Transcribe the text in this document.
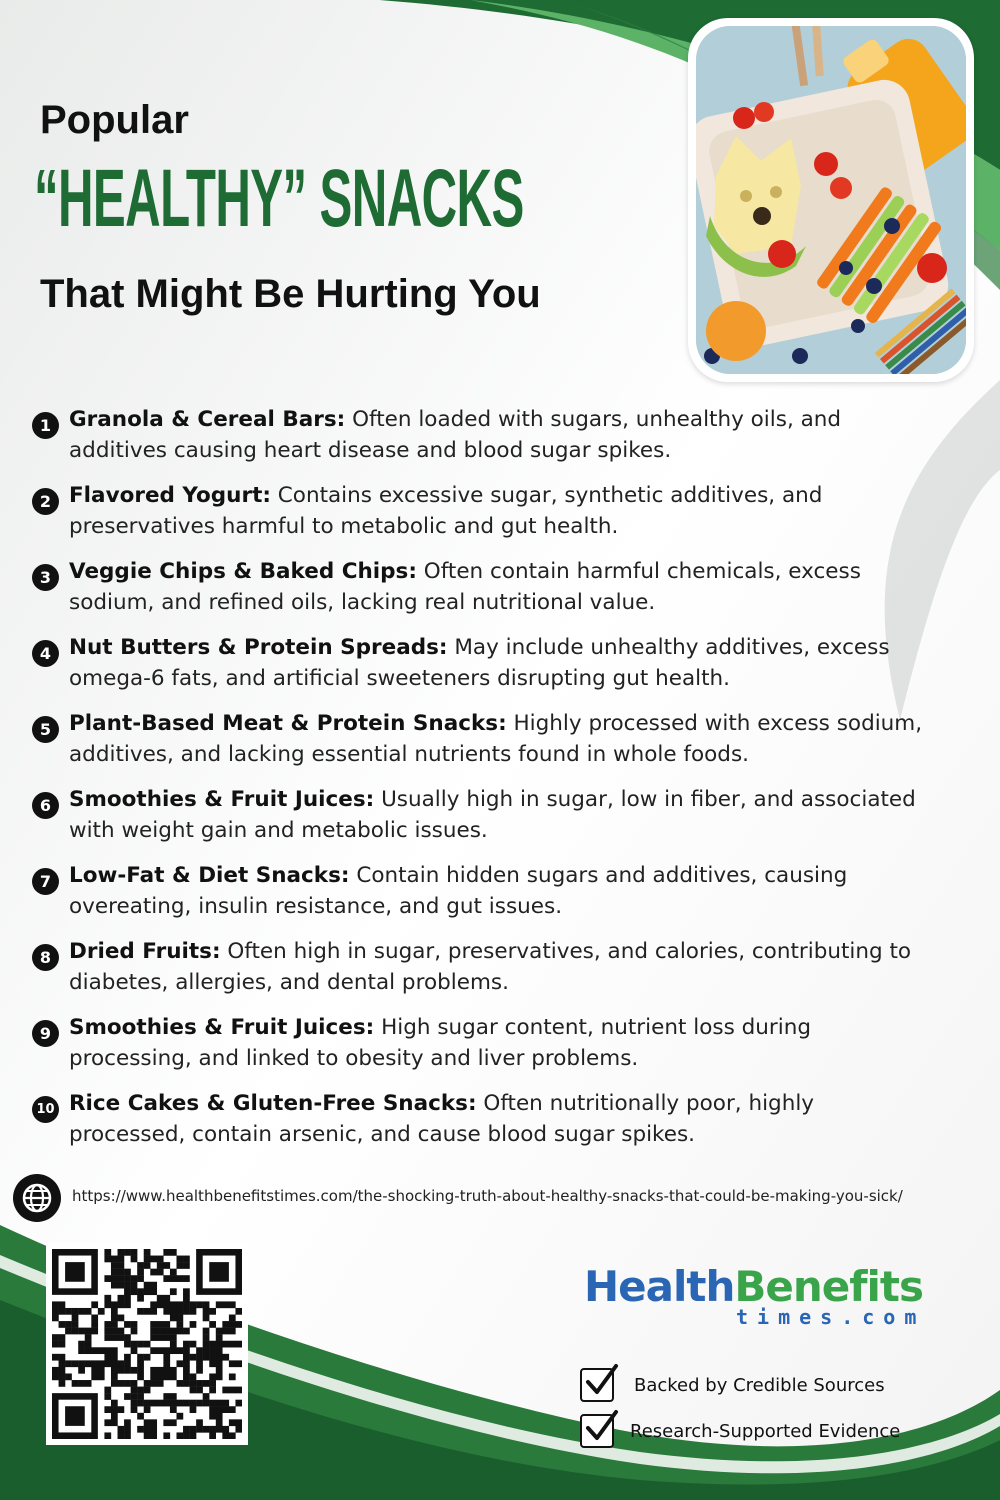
Popular
“HEALTHY” SNACKS
That Might Be Hurting You
1 Granola & Cereal Bars: Often loaded with sugars, unhealthy oils, and additives causing heart disease and blood sugar spikes.
2 Flavored Yogurt: Contains excessive sugar, synthetic additives, and preservatives harmful to metabolic and gut health.
3 Veggie Chips & Baked Chips: Often contain harmful chemicals, excess sodium, and refined oils, lacking real nutritional value.
4 Nut Butters & Protein Spreads: May include unhealthy additives, excess omega-6 fats, and artificial sweeteners disrupting gut health.
5 Plant-Based Meat & Protein Snacks: Highly processed with excess sodium, additives, and lacking essential nutrients found in whole foods.
6 Smoothies & Fruit Juices: Usually high in sugar, low in fiber, and associated with weight gain and metabolic issues.
7 Low-Fat & Diet Snacks: Contain hidden sugars and additives, causing overeating, insulin resistance, and gut issues.
8 Dried Fruits: Often high in sugar, preservatives, and calories, contributing to diabetes, allergies, and dental problems.
9 Smoothies & Fruit Juices: High sugar content, nutrient loss during processing, and linked to obesity and liver problems.
10 Rice Cakes & Gluten-Free Snacks: Often nutritionally poor, highly processed, contain arsenic, and cause blood sugar spikes.
https://www.healthbenefitstimes.com/the-shocking-truth-about-healthy-snacks-that-could-be-making-you-sick/
HealthBenefits
times.com
Backed by Credible Sources
Research-Supported Evidence
